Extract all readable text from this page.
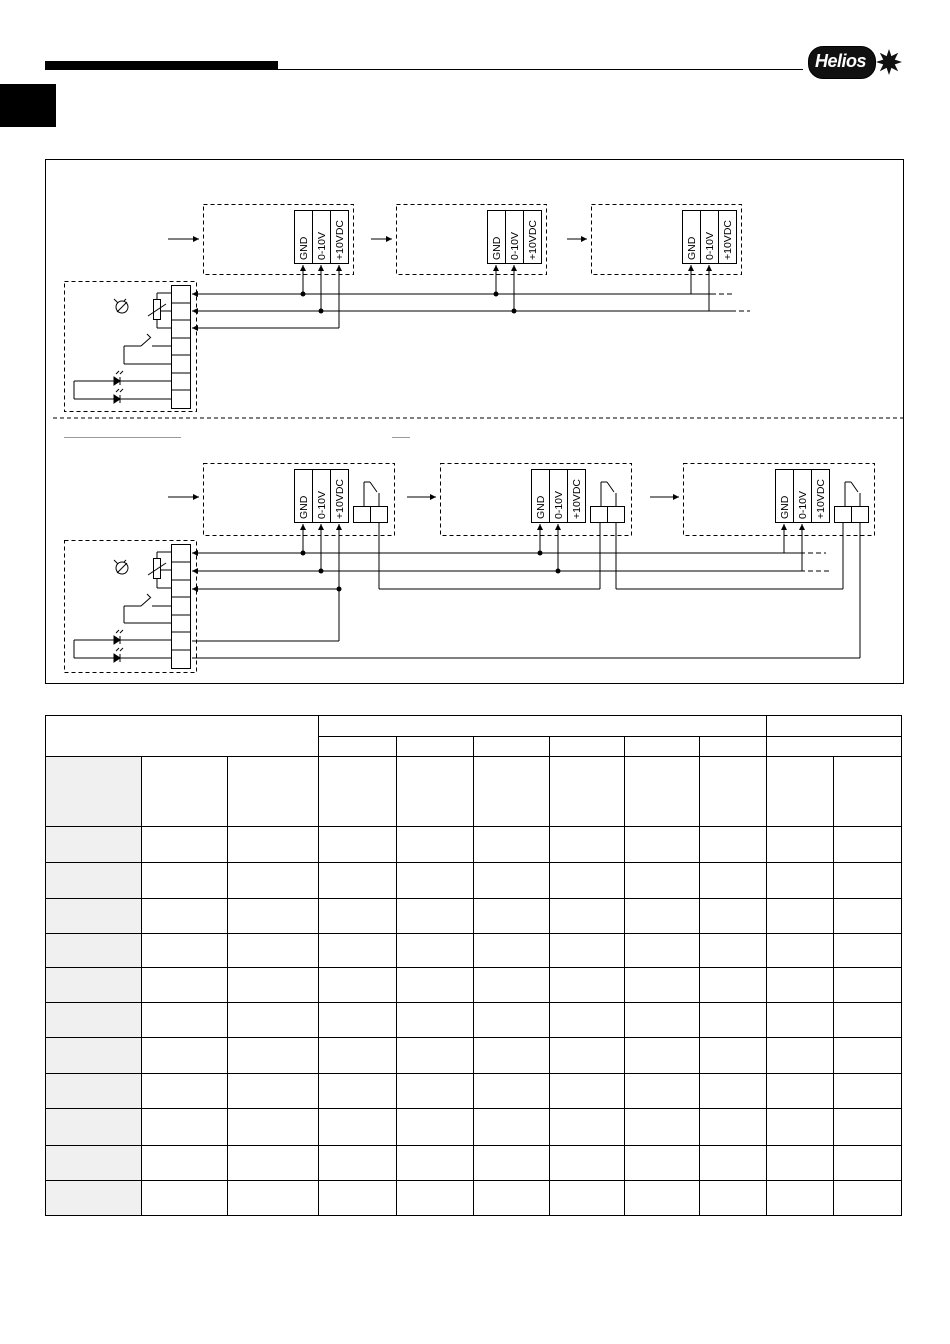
Helios
GND 0-10V +10VDC	GND 0-10V +10VDC	GND 0-10V +10VDC
GND 0-10V +10VDC	GND 0-10V +10VDC	GND 0-10V +10VDC
